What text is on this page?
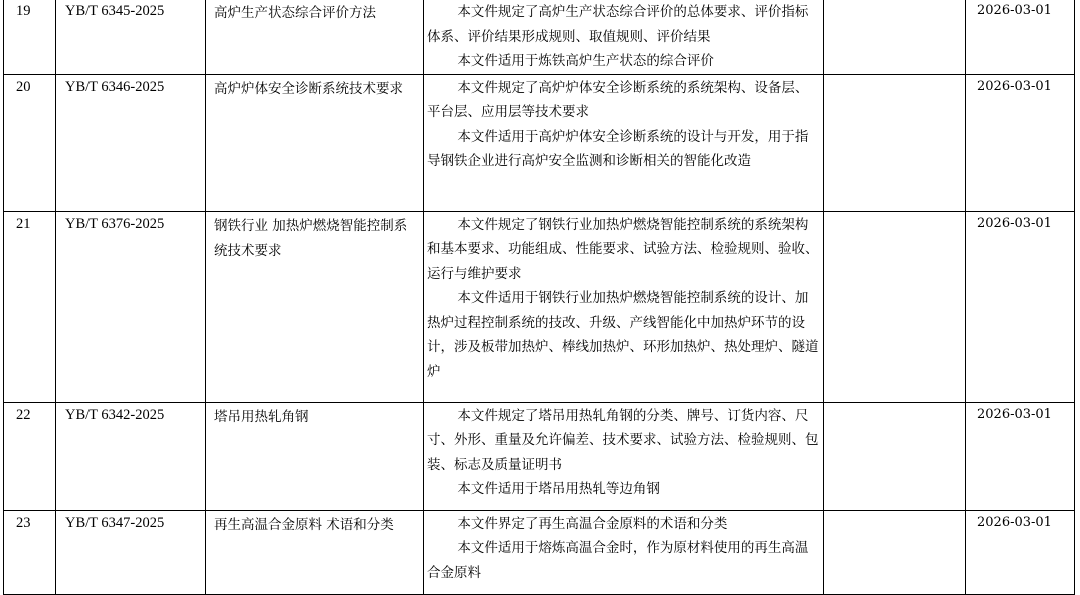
19	YB/T 6345-2025	高炉生产状态综合评价方法	本文件规定了高炉生产状态综合评价的总体要求、评价指标体系、评价结果形成规则、取值规则、评价结果

本文件适用于炼铁高炉生产状态的综合评价		2026-03-01
20	YB/T 6346-2025	高炉炉体安全诊断系统技术要求	本文件规定了高炉炉体安全诊断系统的系统架构、设备层、平台层、应用层等技术要求

本文件适用于高炉炉体安全诊断系统的设计与开发，用于指导钢铁企业进行高炉安全监测和诊断相关的智能化改造		2026-03-01
21	YB/T 6376-2025	钢铁行业 加热炉燃烧智能控制系统技术要求	本文件规定了钢铁行业加热炉燃烧智能控制系统的系统架构和基本要求、功能组成、性能要求、试验方法、检验规则、验收、运行与维护要求

本文件适用于钢铁行业加热炉燃烧智能控制系统的设计、加热炉过程控制系统的技改、升级、产线智能化中加热炉环节的设计，涉及板带加热炉、棒线加热炉、环形加热炉、热处理炉、隧道炉		2026-03-01
22	YB/T 6342-2025	塔吊用热轧角钢	本文件规定了塔吊用热轧角钢的分类、牌号、订货内容、尺寸、外形、重量及允许偏差、技术要求、试验方法、检验规则、包装、标志及质量证明书

本文件适用于塔吊用热轧等边角钢		2026-03-01
23	YB/T 6347-2025	再生高温合金原料 术语和分类	本文件界定了再生高温合金原料的术语和分类

本文件适用于熔炼高温合金时，作为原材料使用的再生高温合金原料		2026-03-01
